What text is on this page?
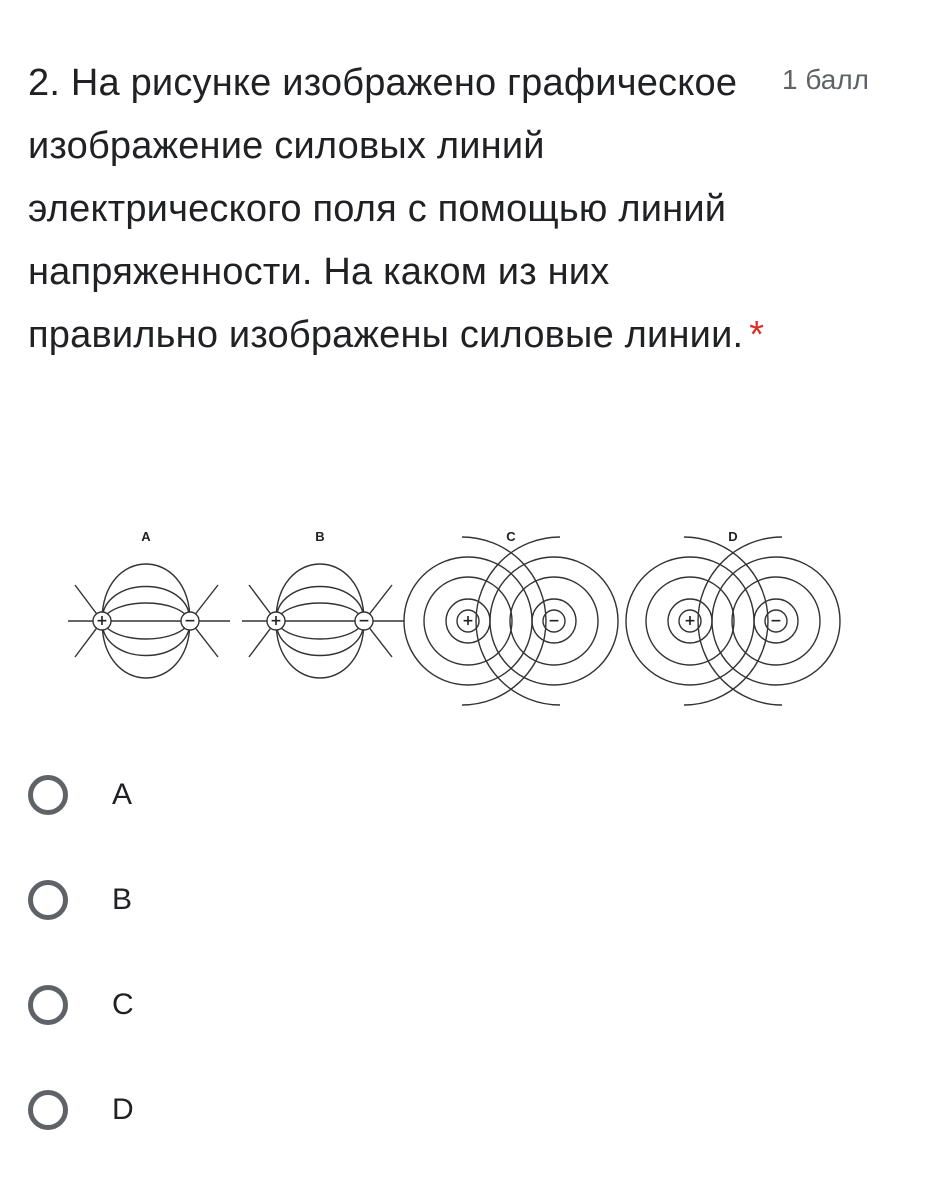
2. На рисунке изображено графическое изображение силовых линий электрического поля с помощью линий напряженности. На каком из них правильно изображены силовые линии. *
1 балл
A	B	C	D
+	−	+	−	+	−	+	−
A
B
C
D
